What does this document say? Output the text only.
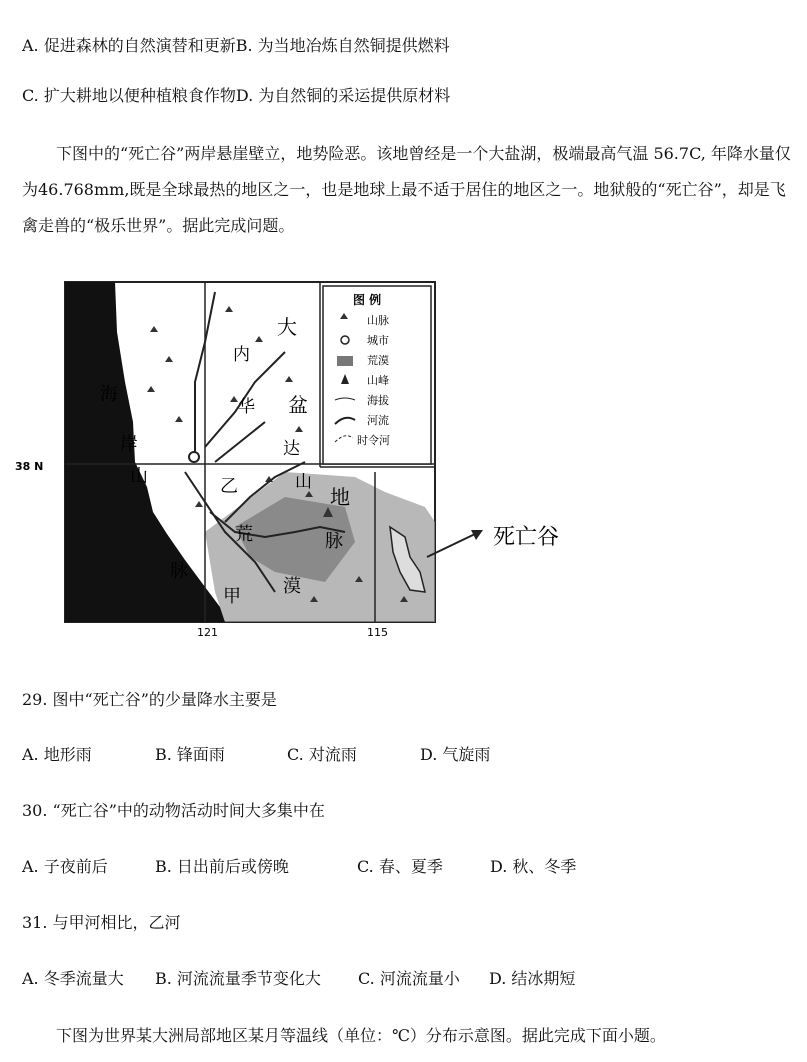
A. 促进森林的自然演替和更新B. 为当地冶炼自然铜提供燃料
C. 扩大耕地以便种植粮食作物D. 为自然铜的采运提供原材料
下图中的“死亡谷”两岸悬崖壁立，地势险恶。该地曾经是一个大盐湖，极端最高气温 56.7C, 年降水量仅为46.768mm,既是全球最热的地区之一，也是地球上最不适于居住的地区之一。地狱般的“死亡谷”，却是飞禽走兽的“极乐世界”。据此完成问题。
38 N
121	115
图 例
山脉
城市
荒漠
山峰
海拔
河流
时令河
大
内
华 盆
达
地
海
岸
山
脉
乙
荒
漠
甲
山
脉	死亡谷
29. 图中“死亡谷”的少量降水主要是
A. 地形雨	B. 锋面雨	C. 对流雨	D. 气旋雨
30. “死亡谷”中的动物活动时间大多集中在
A. 子夜前后	B. 日出前后或傍晚	C. 春、夏季	D. 秋、冬季
31. 与甲河相比，乙河
A. 冬季流量大 B. 河流流量季节变化大 C. 河流流量小 D. 结冰期短
下图为世界某大洲局部地区某月等温线（单位：℃）分布示意图。据此完成下面小题。
